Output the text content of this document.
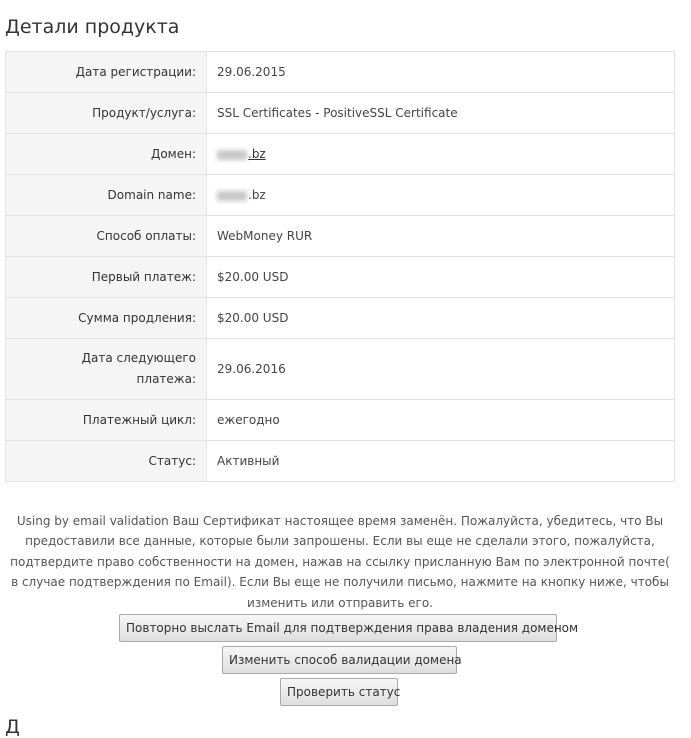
Детали продукта
Дата регистрации:	29.06.2015
Продукт/услуга:	SSL Certificates - PositiveSSL Certificate
Домен:	.bz
Domain name:	.bz
Способ оплаты:	WebMoney RUR
Первый платеж:	$20.00 USD
Сумма продления:	$20.00 USD
Дата следующего платежа:	29.06.2016
Платежный цикл:	ежегодно
Статус:	Активный
Using by email validation Ваш Сертификат настоящее время заменён. Пожалуйста, убедитесь, что Вы предоставили все данные, которые были запрошены. Если вы еще не сделали этого, пожалуйста, подтвердите право собственности на домен, нажав на ссылку присланную Вам по электронной почте( в случае подтверждения по Email). Если Вы еще не получили письмо, нажмите на кнопку ниже, чтобы изменить или отправить его.
Повторно выслать Email для подтверждения права владения доменом
Изменить способ валидации домена
Проверить статус
Д
